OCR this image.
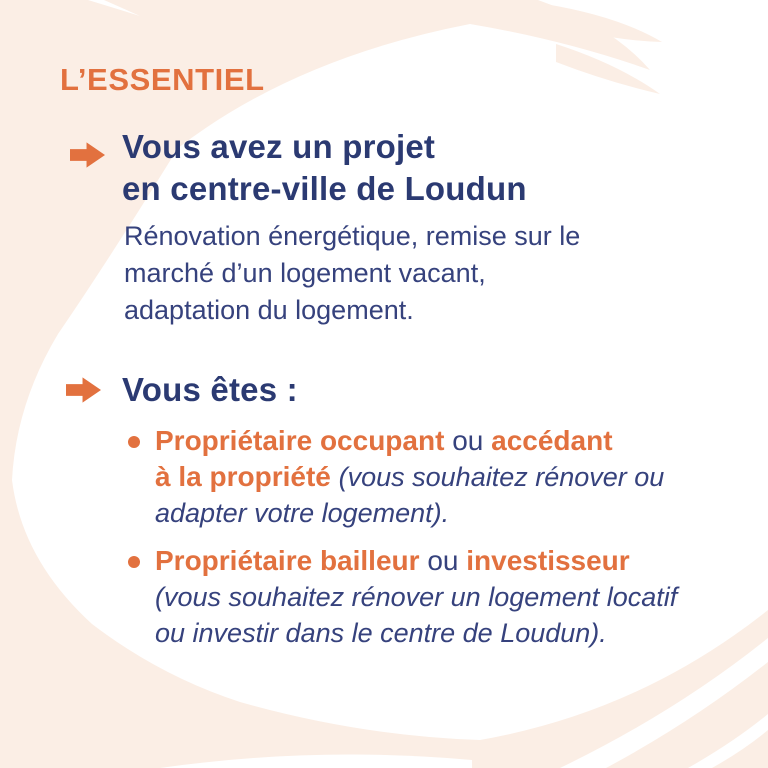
L’ESSENTIEL
Vous avez un projet
en centre-ville de Loudun
Rénovation énergétique, remise sur le
marché d’un logement vacant,
adaptation du logement.
Vous êtes :
Propriétaire occupant ou accédant
à la propriété (vous souhaitez rénover ou
adapter votre logement).
Propriétaire bailleur ou investisseur
(vous souhaitez rénover un logement locatif
ou investir dans le centre de Loudun).
